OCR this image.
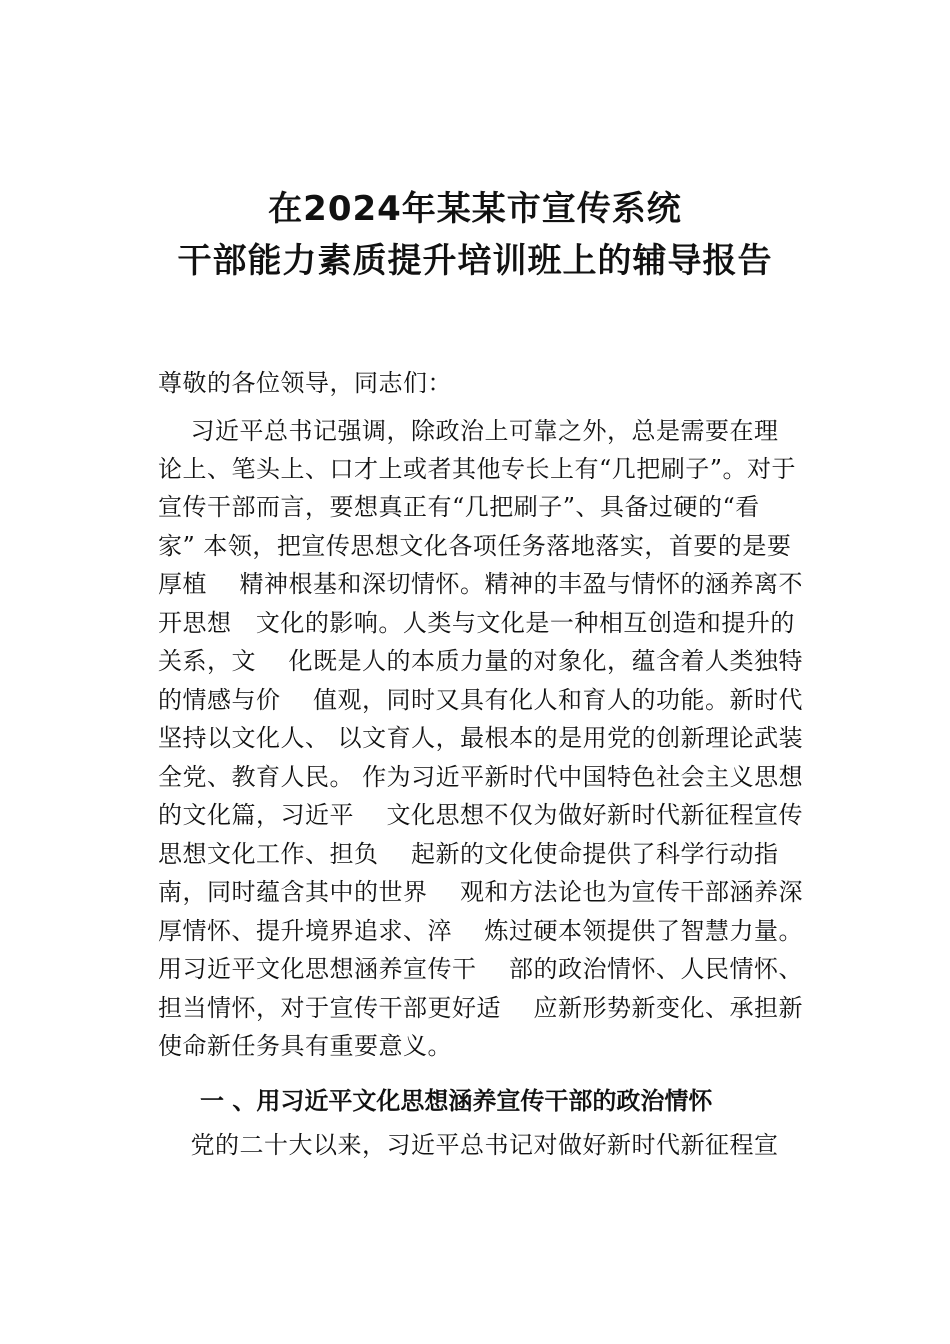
在2024年某某市宣传系统
干部能力素质提升培训班上的辅导报告
尊敬的各位领导，同志们：
习近平总书记强调，除政治上可靠之外，总是需要在理
论上、笔头上、口才上或者其他专长上有“几把刷子”。对于
宣传干部而言，要想真正有“几把刷子”、具备过硬的“看
家” 本领，把宣传思想文化各项任务落地落实，首要的是要
厚植    精神根基和深切情怀。精神的丰盈与情怀的涵养离不
开思想   文化的影响。人类与文化是一种相互创造和提升的
关系，文    化既是人的本质力量的对象化，蕴含着人类独特
的情感与价    值观，同时又具有化人和育人的功能。新时代
坚持以文化人、 以文育人，最根本的是用党的创新理论武装
全党、教育人民。 作为习近平新时代中国特色社会主义思想
的文化篇，习近平    文化思想不仅为做好新时代新征程宣传
思想文化工作、担负    起新的文化使命提供了科学行动指
南，同时蕴含其中的世界    观和方法论也为宣传干部涵养深
厚情怀、提升境界追求、淬    炼过硬本领提供了智慧力量。
用习近平文化思想涵养宣传干    部的政治情怀、人民情怀、
担当情怀，对于宣传干部更好适    应新形势新变化、承担新
使命新任务具有重要意义。
一 、用习近平文化思想涵养宣传干部的政治情怀
党的二十大以来，习近平总书记对做好新时代新征程宣
